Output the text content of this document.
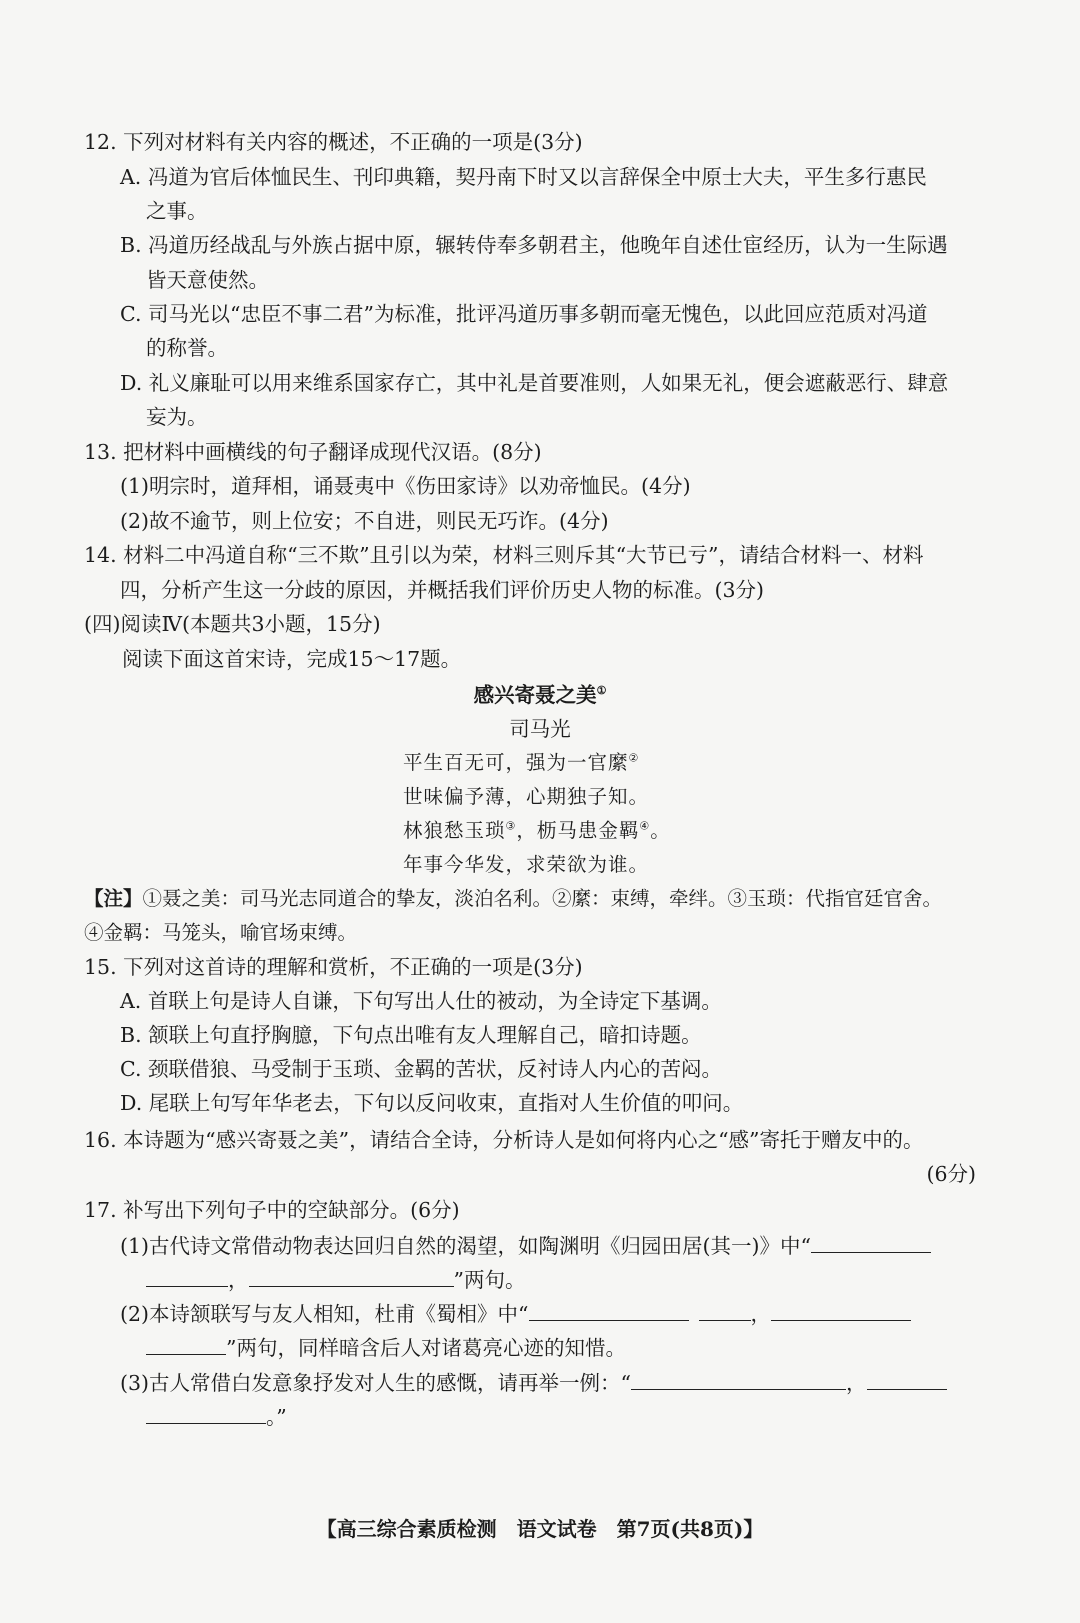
12. 下列对材料有关内容的概述，不正确的一项是(3分)
A. 冯道为官后体恤民生、刊印典籍，契丹南下时又以言辞保全中原士大夫，平生多行惠民
之事。
B. 冯道历经战乱与外族占据中原，辗转侍奉多朝君主，他晚年自述仕宦经历，认为一生际遇
皆天意使然。
C. 司马光以“忠臣不事二君”为标准，批评冯道历事多朝而毫无愧色，以此回应范质对冯道
的称誉。
D. 礼义廉耻可以用来维系国家存亡，其中礼是首要准则，人如果无礼，便会遮蔽恶行、肆意
妄为。
13. 把材料中画横线的句子翻译成现代汉语。(8分)
(1)明宗时，道拜相，诵聂夷中《伤田家诗》以劝帝恤民。(4分)
(2)故不逾节，则上位安；不自进，则民无巧诈。(4分)
14. 材料二中冯道自称“三不欺”且引以为荣，材料三则斥其“大节已亏”，请结合材料一、材料
四，分析产生这一分歧的原因，并概括我们评价历史人物的标准。(3分)
(四)阅读Ⅳ(本题共3小题，15分)
阅读下面这首宋诗，完成15～17题。
感兴寄聂之美①
司马光
平生百无可，强为一官縻②
世味偏予薄，心期独子知。
林狼愁玉琐③，枥马患金羁④。
年事今华发，求荣欲为谁。
【注】①聂之美：司马光志同道合的挚友，淡泊名利。②縻：束缚，牵绊。③玉琐：代指官廷官舍。
④金羁：马笼头，喻官场束缚。
15. 下列对这首诗的理解和赏析，不正确的一项是(3分)
A. 首联上句是诗人自谦，下句写出人仕的被动，为全诗定下基调。
B. 颔联上句直抒胸臆，下句点出唯有友人理解自己，暗扣诗题。
C. 颈联借狼、马受制于玉琐、金羁的苦状，反衬诗人内心的苦闷。
D. 尾联上句写年华老去，下句以反问收束，直指对人生价值的叩问。
16. 本诗题为“感兴寄聂之美”，请结合全诗，分析诗人是如何将内心之“感”寄托于赠友中的。
(6分)
17. 补写出下列句子中的空缺部分。(6分)
(1)古代诗文常借动物表达回归自然的渴望，如陶渊明《归园田居(其一)》中“
，	”两句。
(2)本诗颔联写与友人相知，杜甫《蜀相》中“	，
”两句，同样暗含后人对诸葛亮心迹的知惜。
(3)古人常借白发意象抒发对人生的感慨，请再举一例：“	，
。”
【高三综合素质检测 语文试卷 第7页(共8页)】
